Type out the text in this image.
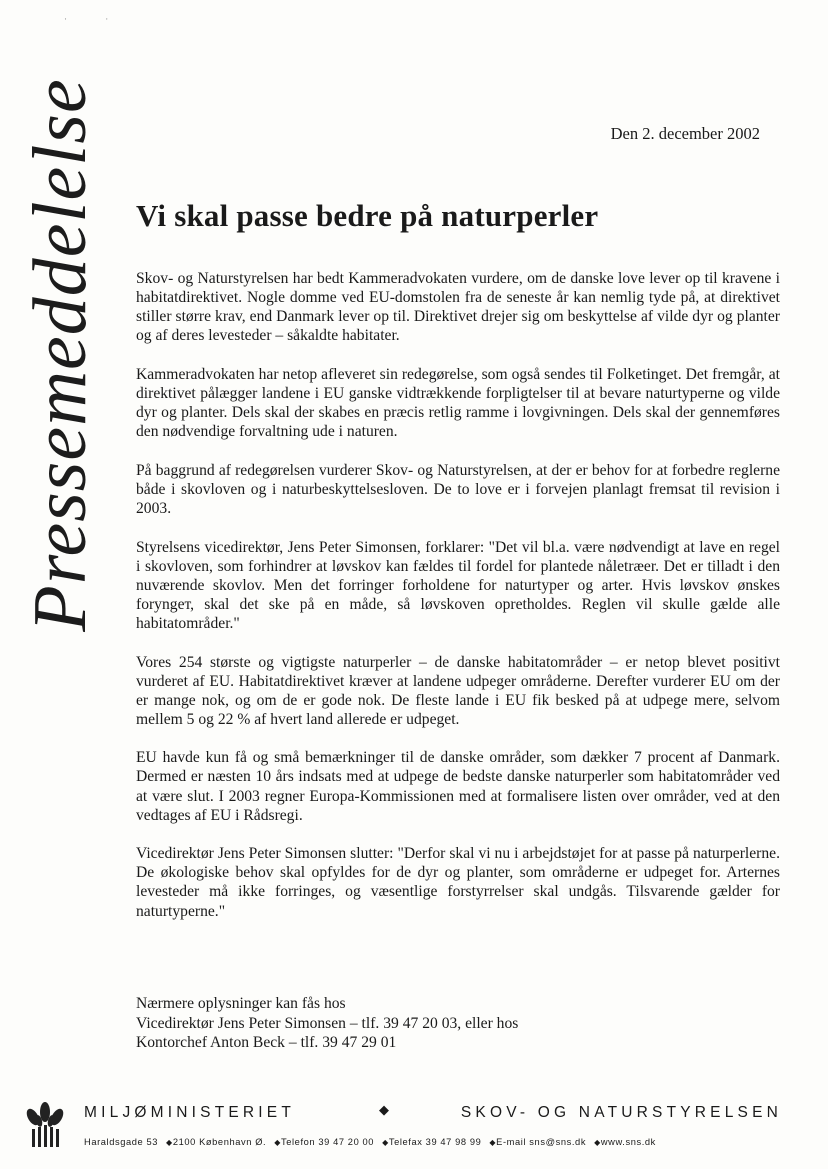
Pressemeddelelse
· ·
Den 2. december 2002
Vi skal passe bedre på naturperler

Skov- og Naturstyrelsen har bedt Kammeradvokaten vurdere, om de danske love lever op til kravene i habitatdirektivet. Nogle domme ved EU-domstolen fra de seneste år kan nemlig tyde på, at direktivet stiller større krav, end Danmark lever op til. Direktivet drejer sig om beskyttelse af vilde dyr og planter og af deres levesteder – såkaldte habitater.

Kammeradvokaten har netop afleveret sin redegørelse, som også sendes til Folketinget. Det fremgår, at direktivet pålægger landene i EU ganske vidtrækkende forpligtelser til at bevare naturtyperne og vilde dyr og planter. Dels skal der skabes en præcis retlig ramme i lovgivningen. Dels skal der gennemføres den nødvendige forvaltning ude i naturen.

På baggrund af redegørelsen vurderer Skov- og Naturstyrelsen, at der er behov for at forbedre reglerne både i skovloven og i naturbeskyttelsesloven. De to love er i forvejen planlagt fremsat til revision i 2003.

Styrelsens vicedirektør, Jens Peter Simonsen, forklarer: "Det vil bl.a. være nødvendigt at lave en regel i skovloven, som forhindrer at løvskov kan fældes til fordel for plantede nåletræer. Det er tilladt i den nuværende skovlov. Men det forringer forholdene for naturtyper og arter. Hvis løvskov ønskes foryngет, skal det ske på en måde, så løvskoven opretholdes. Reglen vil skulle gælde alle habitatområder."

Vores 254 største og vigtigste naturperler – de danske habitatområder – er netop blevet positivt vurderet af EU. Habitatdirektivet kræver at landene udpeger områderne. Derefter vurderer EU om der er mange nok, og om de er gode nok. De fleste lande i EU fik besked på at udpege mere, selvom mellem 5 og 22 % af hvert land allerede er udpeget.

EU havde kun få og små bemærkninger til de danske områder, som dækker 7 procent af Danmark. Dermed er næsten 10 års indsats med at udpege de bedste danske naturperler som habitatområder ved at være slut. I 2003 regner Europa-Kommissionen med at formalisere listen over områder, ved at den vedtages af EU i Rådsregi.

Vicedirektør Jens Peter Simonsen slutter: "Derfor skal vi nu i arbejdstøjet for at passe på naturperlerne. De økologiske behov skal opfyldes for de dyr og planter, som områderne er udpeget for. Arternes levesteder må ikke forringes, og væsentlige forstyrrelser skal undgås. Tilsvarende gælder for naturtyperne."

Nærmere oplysninger kan fås hos
Vicedirektør Jens Peter Simonsen – tlf. 39 47 20 03, eller hos
Kontorchef Anton Beck – tlf. 39 47 29 01
MILJØMINISTERIET	◆	SKOV- OG NATURSTYRELSEN
Haraldsgade 53 ◆2100 København Ø. ◆Telefon 39 47 20 00 ◆Telefax 39 47 98 99 ◆E-mail sns@sns.dk ◆www.sns.dk
